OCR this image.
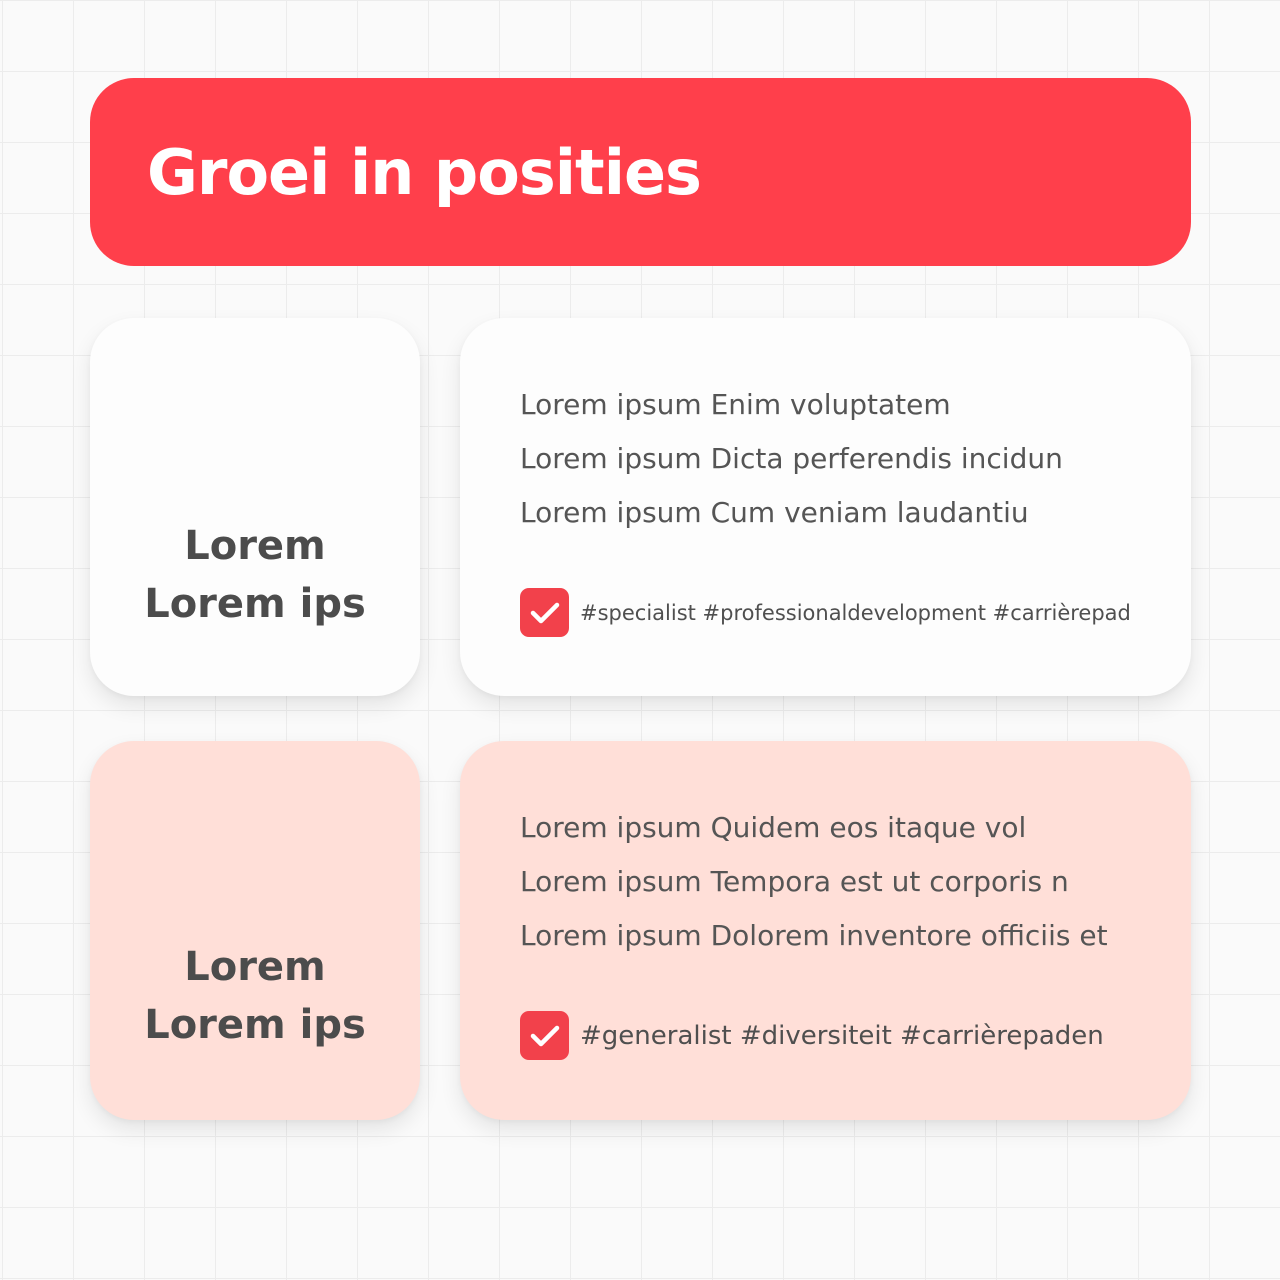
Groei in posities
Lorem
Lorem ips
Lorem ipsum Enim voluptatem
Lorem ipsum Dicta perferendis incidun
Lorem ipsum Cum veniam laudantiu
#specialist #professionaldevelopment #carrièrepad
Lorem
Lorem ips
Lorem ipsum Quidem eos itaque vol
Lorem ipsum Tempora est ut corporis n
Lorem ipsum Dolorem inventore officiis et
#generalist #diversiteit #carrièrepaden
